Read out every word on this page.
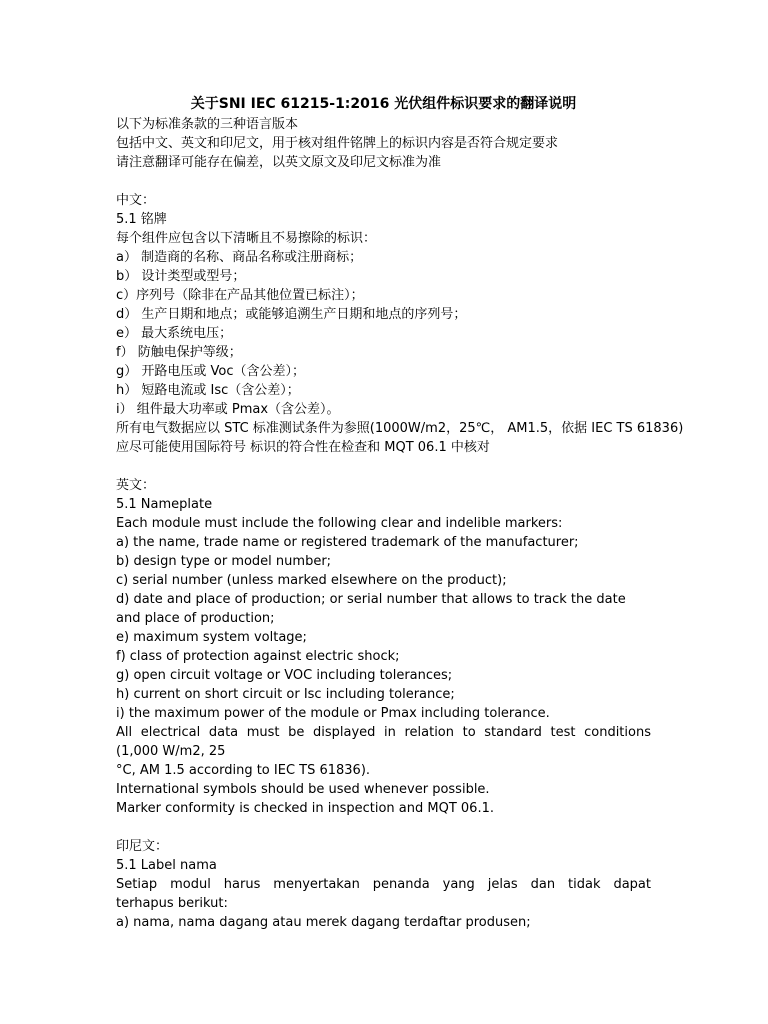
关于SNI IEC 61215-1:2016 光伏组件标识要求的翻译说明
以下为标准条款的三种语言版本
包括中文、英文和印尼文，用于核对组件铭牌上的标识内容是否符合规定要求
请注意翻译可能存在偏差，以英文原文及印尼文标准为准
中文：
5.1 铭牌
每个组件应包含以下清晰且不易擦除的标识：
a） 制造商的名称、商品名称或注册商标；
b） 设计类型或型号；
c）序列号（除非在产品其他位置已标注）；
d） 生产日期和地点；或能够追溯生产日期和地点的序列号；
e） 最大系统电压；
f） 防触电保护等级；
g） 开路电压或 Voc（含公差）；
h） 短路电流或 Isc（含公差）；
i） 组件最大功率或 Pmax（含公差）。
所有电气数据应以 STC 标准测试条件为参照(1000W/m2，25℃， AM1.5，依据 IEC TS 61836)
应尽可能使用国际符号 标识的符合性在检查和 MQT 06.1 中核对
英文：
5.1 Nameplate
Each module must include the following clear and indelible markers:
a) the name, trade name or registered trademark of the manufacturer;
b) design type or model number;
c) serial number (unless marked elsewhere on the product);
d) date and place of production; or serial number that allows to track the date
and place of production;
e) maximum system voltage;
f) class of protection against electric shock;
g) open circuit voltage or VOC including tolerances;
h) current on short circuit or Isc including tolerance;
i) the maximum power of the module or Pmax including tolerance.
All electrical data must be displayed in relation to standard test conditions
(1,000 W/m2, 25
°C, AM 1.5 according to IEC TS 61836).
International symbols should be used whenever possible.
Marker conformity is checked in inspection and MQT 06.1.
印尼文：
5.1 Label nama
Setiap modul harus menyertakan penanda yang jelas dan tidak dapat
terhapus berikut:
a) nama, nama dagang atau merek dagang terdaftar produsen;
